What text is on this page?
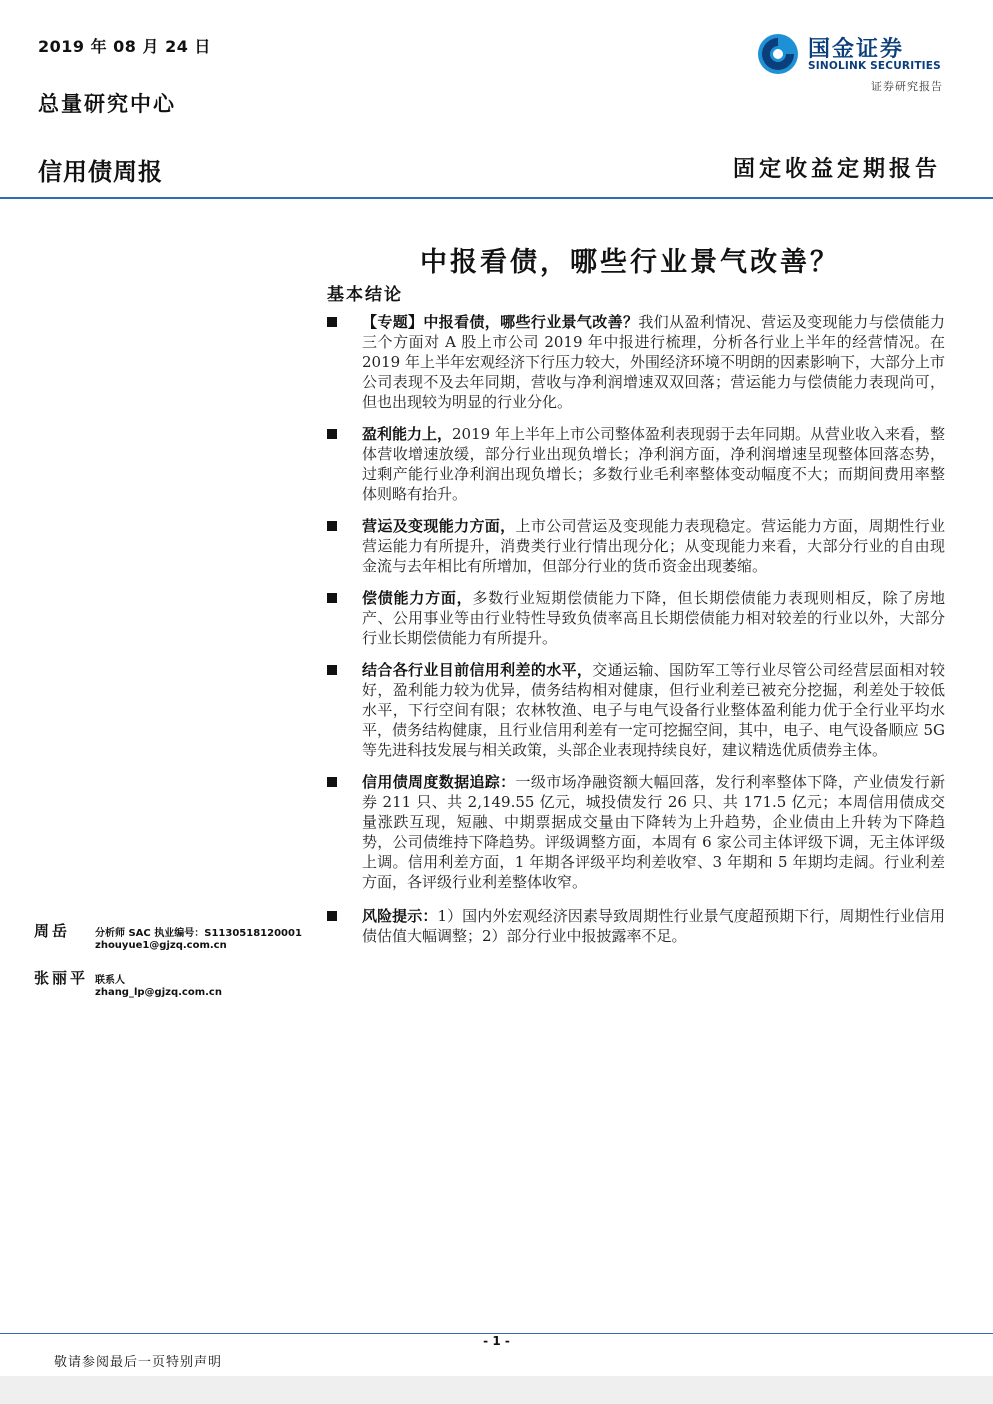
2019 年 08 月 24 日
总量研究中心
信用债周报	固定收益定期报告
国金证券
SINOLINK SECURITIES
证券研究报告
中报看债，哪些行业景气改善？
基本结论
【专题】中报看债，哪些行业景气改善？我们从盈利情况、营运及变现能力与偿债能力三个方面对 A 股上市公司 2019 年中报进行梳理，分析各行业上半年的经营情况。在 2019 年上半年宏观经济下行压力较大，外围经济环境不明朗的因素影响下，大部分上市公司表现不及去年同期，营收与净利润增速双双回落；营运能力与偿债能力表现尚可，但也出现较为明显的行业分化。
盈利能力上，2019 年上半年上市公司整体盈利表现弱于去年同期。从营业收入来看，整体营收增速放缓，部分行业出现负增长；净利润方面，净利润增速呈现整体回落态势，过剩产能行业净利润出现负增长；多数行业毛利率整体变动幅度不大；而期间费用率整体则略有抬升。
营运及变现能力方面，上市公司营运及变现能力表现稳定。营运能力方面，周期性行业营运能力有所提升，消费类行业行情出现分化；从变现能力来看，大部分行业的自由现金流与去年相比有所增加，但部分行业的货币资金出现萎缩。
偿债能力方面，多数行业短期偿债能力下降，但长期偿债能力表现则相反，除了房地产、公用事业等由行业特性导致负债率高且长期偿债能力相对较差的行业以外，大部分行业长期偿债能力有所提升。
结合各行业目前信用利差的水平，交通运输、国防军工等行业尽管公司经营层面相对较好，盈利能力较为优异，债务结构相对健康，但行业利差已被充分挖掘，利差处于较低水平，下行空间有限；农林牧渔、电子与电气设备行业整体盈利能力优于全行业平均水平，债务结构健康，且行业信用利差有一定可挖掘空间，其中，电子、电气设备顺应 5G 等先进科技发展与相关政策，头部企业表现持续良好，建议精选优质债券主体。
信用债周度数据追踪：一级市场净融资额大幅回落，发行利率整体下降，产业债发行新券 211 只、共 2,149.55 亿元，城投债发行 26 只、共 171.5 亿元；本周信用债成交量涨跌互现，短融、中期票据成交量由下降转为上升趋势，企业债由上升转为下降趋势，公司债维持下降趋势。评级调整方面，本周有 6 家公司主体评级下调，无主体评级上调。信用利差方面，1 年期各评级平均利差收窄、3 年期和 5 年期均走阔。行业利差方面，各评级行业利差整体收窄。
风险提示：1）国内外宏观经济因素导致周期性行业景气度超预期下行，周期性行业信用债估值大幅调整；2）部分行业中报披露率不足。
周岳 分析师 SAC 执业编号：S1130518120001
zhouyue1@gjzq.com.cn
张丽平 联系人
zhang_lp@gjzq.com.cn
- 1 -
敬请参阅最后一页特别声明
